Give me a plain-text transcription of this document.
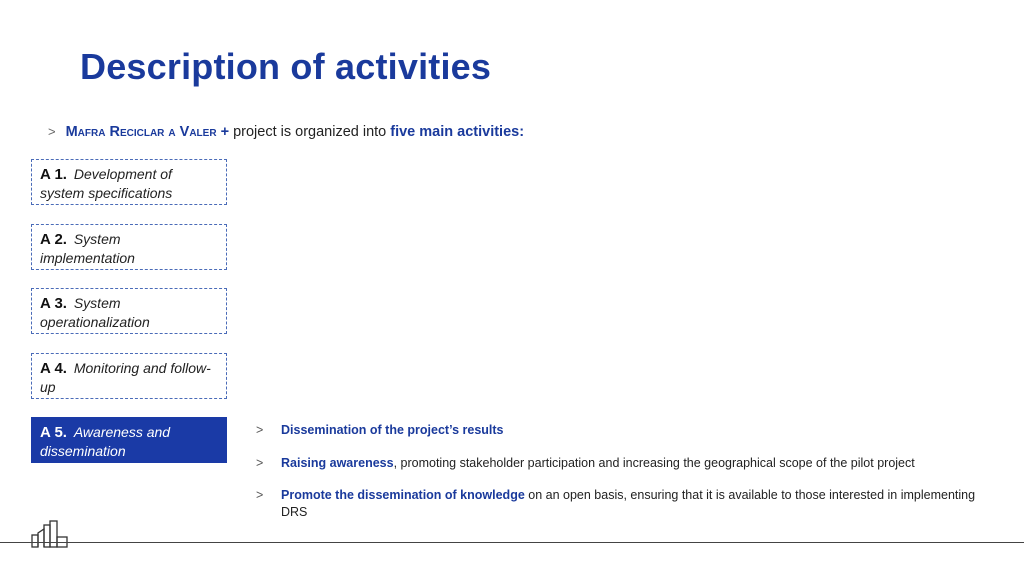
Description of activities
> Mafra Reciclar a Valer + project is organized into five main activities:
A 1. Development of system specifications
A 2. System implementation
A 3. System operationalization
A 4. Monitoring and follow-up
A 5. Awareness and dissemination
> Dissemination of the project’s results
> Raising awareness, promoting stakeholder participation and increasing the geographical scope of the pilot project
> Promote the dissemination of knowledge on an open basis, ensuring that it is available to those interested in implementing DRS
